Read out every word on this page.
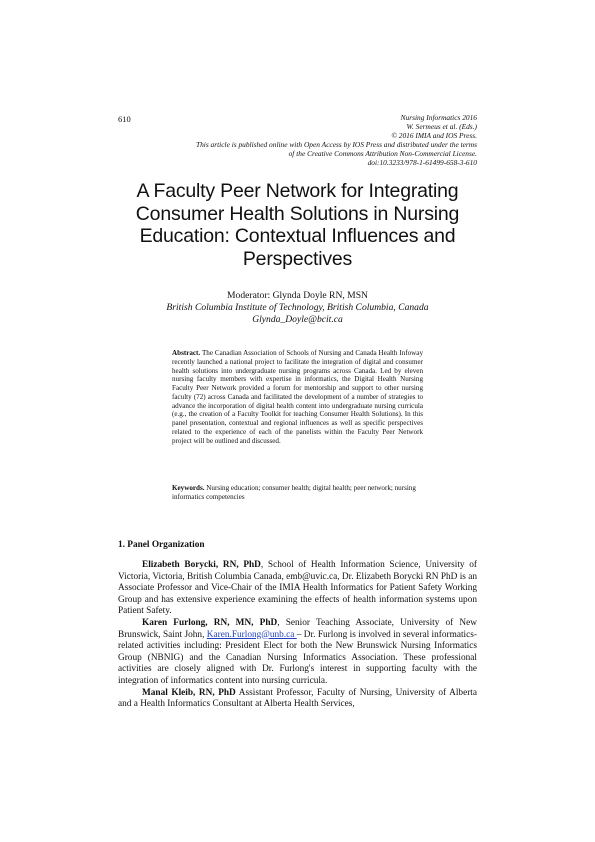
610	Nursing Informatics 2016
W. Sermeus et al. (Eds.)
© 2016 IMIA and IOS Press.
This article is published online with Open Access by IOS Press and distributed under the terms
of the Creative Commons Attribution Non-Commercial License.
doi:10.3233/978-1-61499-658-3-610
A Faculty Peer Network for Integrating
Consumer Health Solutions in Nursing
Education: Contextual Influences and
Perspectives
Moderator: Glynda Doyle RN, MSN
British Columbia Institute of Technology, British Columbia, Canada
Glynda_Doyle@bcit.ca
Abstract. The Canadian Association of Schools of Nursing and Canada Health Infoway recently launched a national project to facilitate the integration of digital and consumer health solutions into undergraduate nursing programs across Canada. Led by eleven nursing faculty members with expertise in informatics, the Digital Health Nursing Faculty Peer Network provided a forum for mentorship and support to other nursing faculty (72) across Canada and facilitated the development of a number of strategies to advance the incorporation of digital health content into undergraduate nursing curricula (e.g., the creation of a Faculty Toolkit for teaching Consumer Health Solutions). In this panel presentation, contextual and regional influences as well as specific perspectives related to the experience of each of the panelists within the Faculty Peer Network project will be outlined and discussed.
Keywords. Nursing education; consumer health; digital health; peer network; nursing informatics competencies
1. Panel Organization

Elizabeth Borycki, RN, PhD, School of Health Information Science, University of Victoria, Victoria, British Columbia Canada, emb@uvic.ca, Dr. Elizabeth Borycki RN PhD is an Associate Professor and Vice-Chair of the IMIA Health Informatics for Patient Safety Working Group and has extensive experience examining the effects of health information systems upon Patient Safety.

Karen Furlong, RN, MN, PhD, Senior Teaching Associate, University of New Brunswick, Saint John, Karen.Furlong@unb.ca – Dr. Furlong is involved in several informatics-related activities including: President Elect for both the New Brunswick Nursing Informatics Group (NBNIG) and the Canadian Nursing Informatics Association. These professional activities are closely aligned with Dr. Furlong's interest in supporting faculty with the integration of informatics content into nursing curricula.

Manal Kleib, RN, PhD Assistant Professor, Faculty of Nursing, University of Alberta and a Health Informatics Consultant at Alberta Health Services,
